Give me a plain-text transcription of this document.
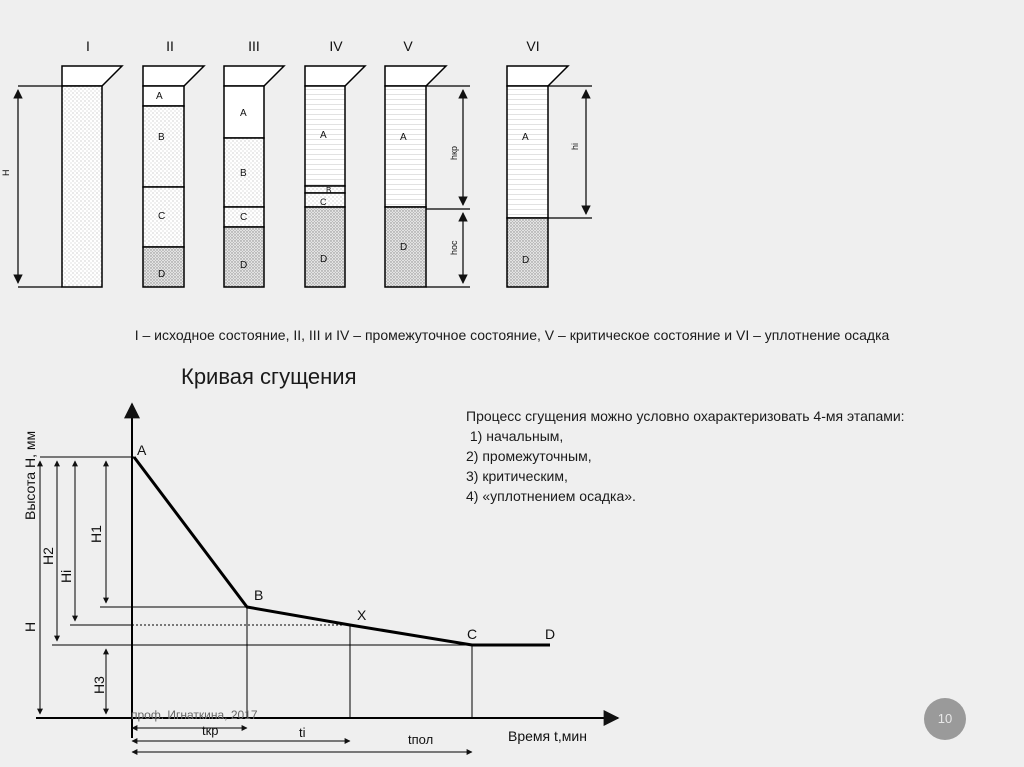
I	II	III	IV	V	VI
H
A
B
C
D
A
B
C
D
A
B
C
D
A
D
hкр
hос
A
D
hi
A
B
X
C	D
Высота H, мм
H
H2
Hi
H1
H3
tкр	ti	tпол	Время t,мин
I – исходное состояние, II, III и IV – промежуточное состояние, V – критическое состояние и VI – уплотнение осадка
Кривая сгущения
Процесс сгущения можно условно охарактеризовать 4-мя этапами:
1) начальным,
2) промежуточным,
3) критическим,
4) «уплотнением осадка».
проф. Игнаткина, 2017	10
